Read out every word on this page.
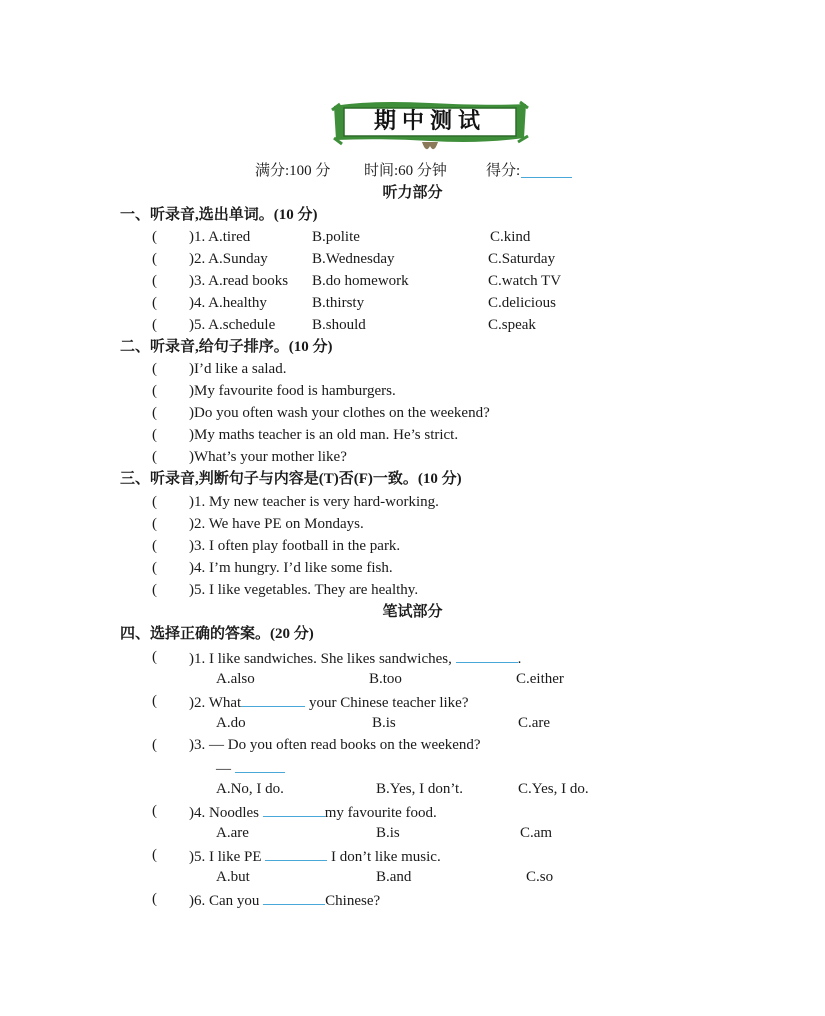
期中测试
满分:100 分 时间:60 分钟	得分:
听力部分
一、听录音,选出单词。(10 分)
( )1. A.tired	B.polite	C.kind
( )2. A.Sunday	B.Wednesday	C.Saturday
( )3. A.read books B.do homework	C.watch TV
( )4. A.healthy	B.thirsty	C.delicious
( )5. A.schedule B.should	C.speak
二、听录音,给句子排序。(10 分)
( )I’d like a salad.
( )My favourite food is hamburgers.
( )Do you often wash your clothes on the weekend?
( )My maths teacher is an old man. He’s strict.
( )What’s your mother like?
三、听录音,判断句子与内容是(T)否(F)一致。(10 分)
( )1. My new teacher is very hard-working.
( )2. We have PE on Mondays.
( )3. I often play football in the park.
( )4. I’m hungry. I’d like some fish.
( )5. I like vegetables. They are healthy.
笔试部分
四、选择正确的答案。(20 分)
( )1. I like sandwiches. She likes sandwiches,	.
A.also	B.too	C.either
( )2. What	your Chinese teacher like?
A.do	B.is	C.are
( )3. — Do you often read books on the weekend?
—
A.No, I do.	B.Yes, I don’t.	C.Yes, I do.
( )4. Noodles	my favourite food.
A.are	B.is	C.am
( )5. I like PE	I don’t like music.
A.but	B.and	C.so
( )6. Can you	Chinese?
